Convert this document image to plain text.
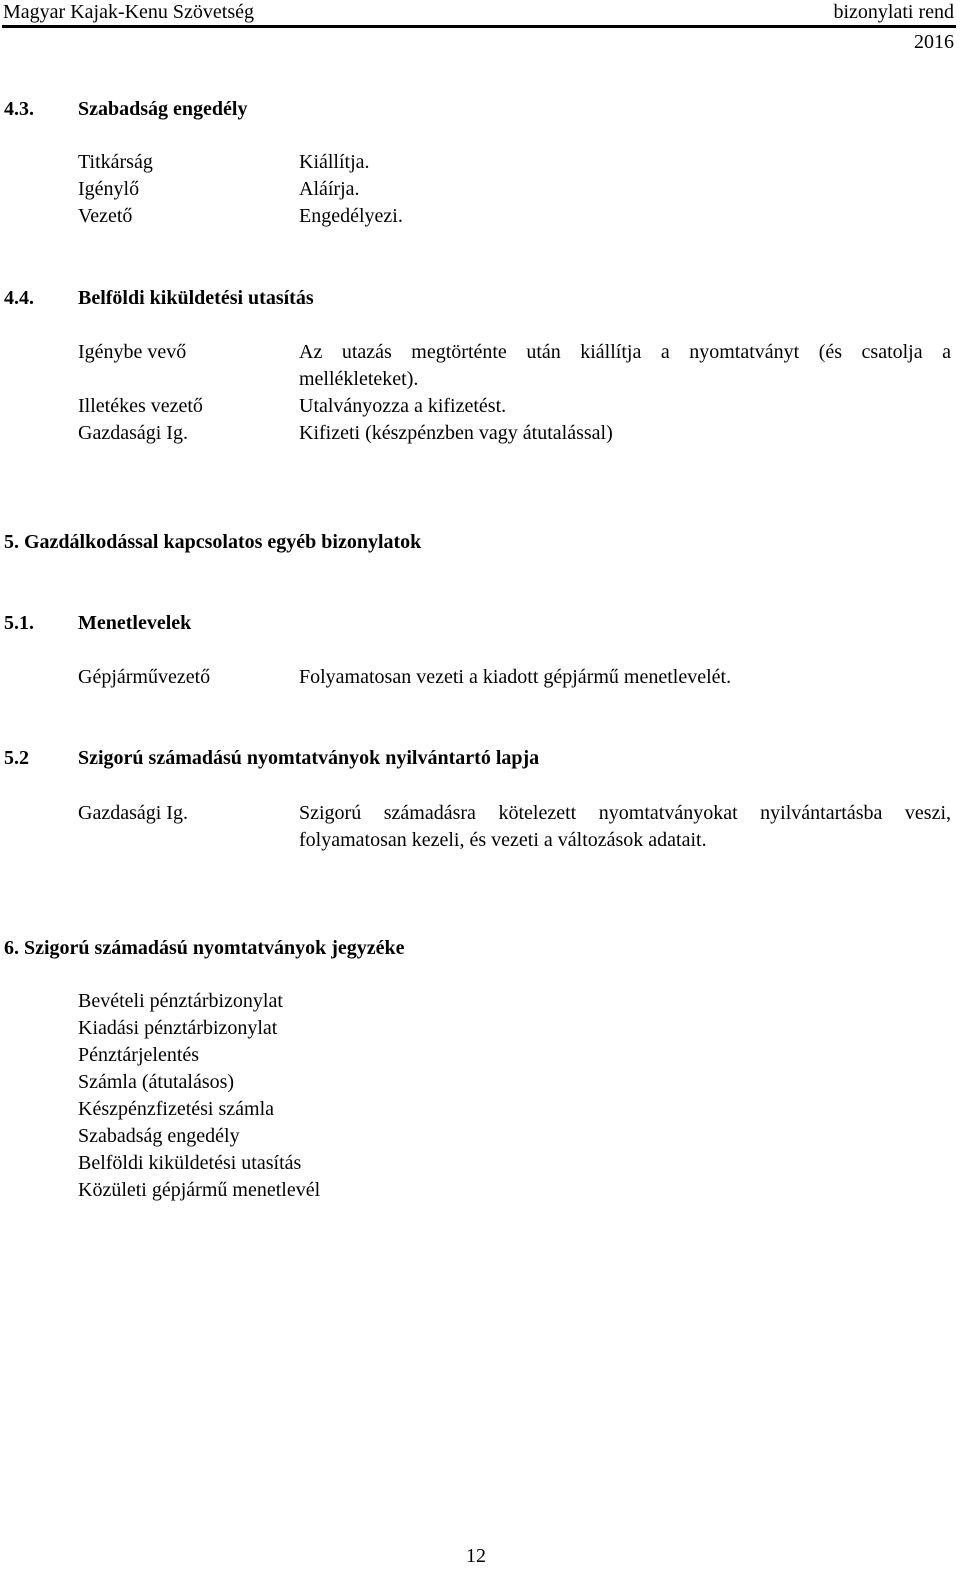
Magyar Kajak-Kenu Szövetség	bizonylati rend
2016
4.3. Szabadság engedély
Titkárság	Kiállítja.
Igénylő	Aláírja.
Vezető	Engedélyezi.
4.4. Belföldi kiküldetési utasítás
Igénybe vevő	Az utazás megtörténte után kiállítja a nyomtatványt (és csatolja a
mellékleteket).
Illetékes vezető	Utalványozza a kifizetést.
Gazdasági Ig.	Kifizeti (készpénzben vagy átutalással)
5. Gazdálkodással kapcsolatos egyéb bizonylatok
5.1. Menetlevelek
Gépjárművezető	Folyamatosan vezeti a kiadott gépjármű menetlevelét.
5.2 Szigorú számadású nyomtatványok nyilvántartó lapja
Gazdasági Ig.	Szigorú számadásra kötelezett nyomtatványokat nyilvántartásba veszi,
folyamatosan kezeli, és vezeti a változások adatait.
6. Szigorú számadású nyomtatványok jegyzéke
Bevételi pénztárbizonylat
Kiadási pénztárbizonylat
Pénztárjelentés
Számla (átutalásos)
Készpénzfizetési számla
Szabadság engedély
Belföldi kiküldetési utasítás
Közületi gépjármű menetlevél
12
